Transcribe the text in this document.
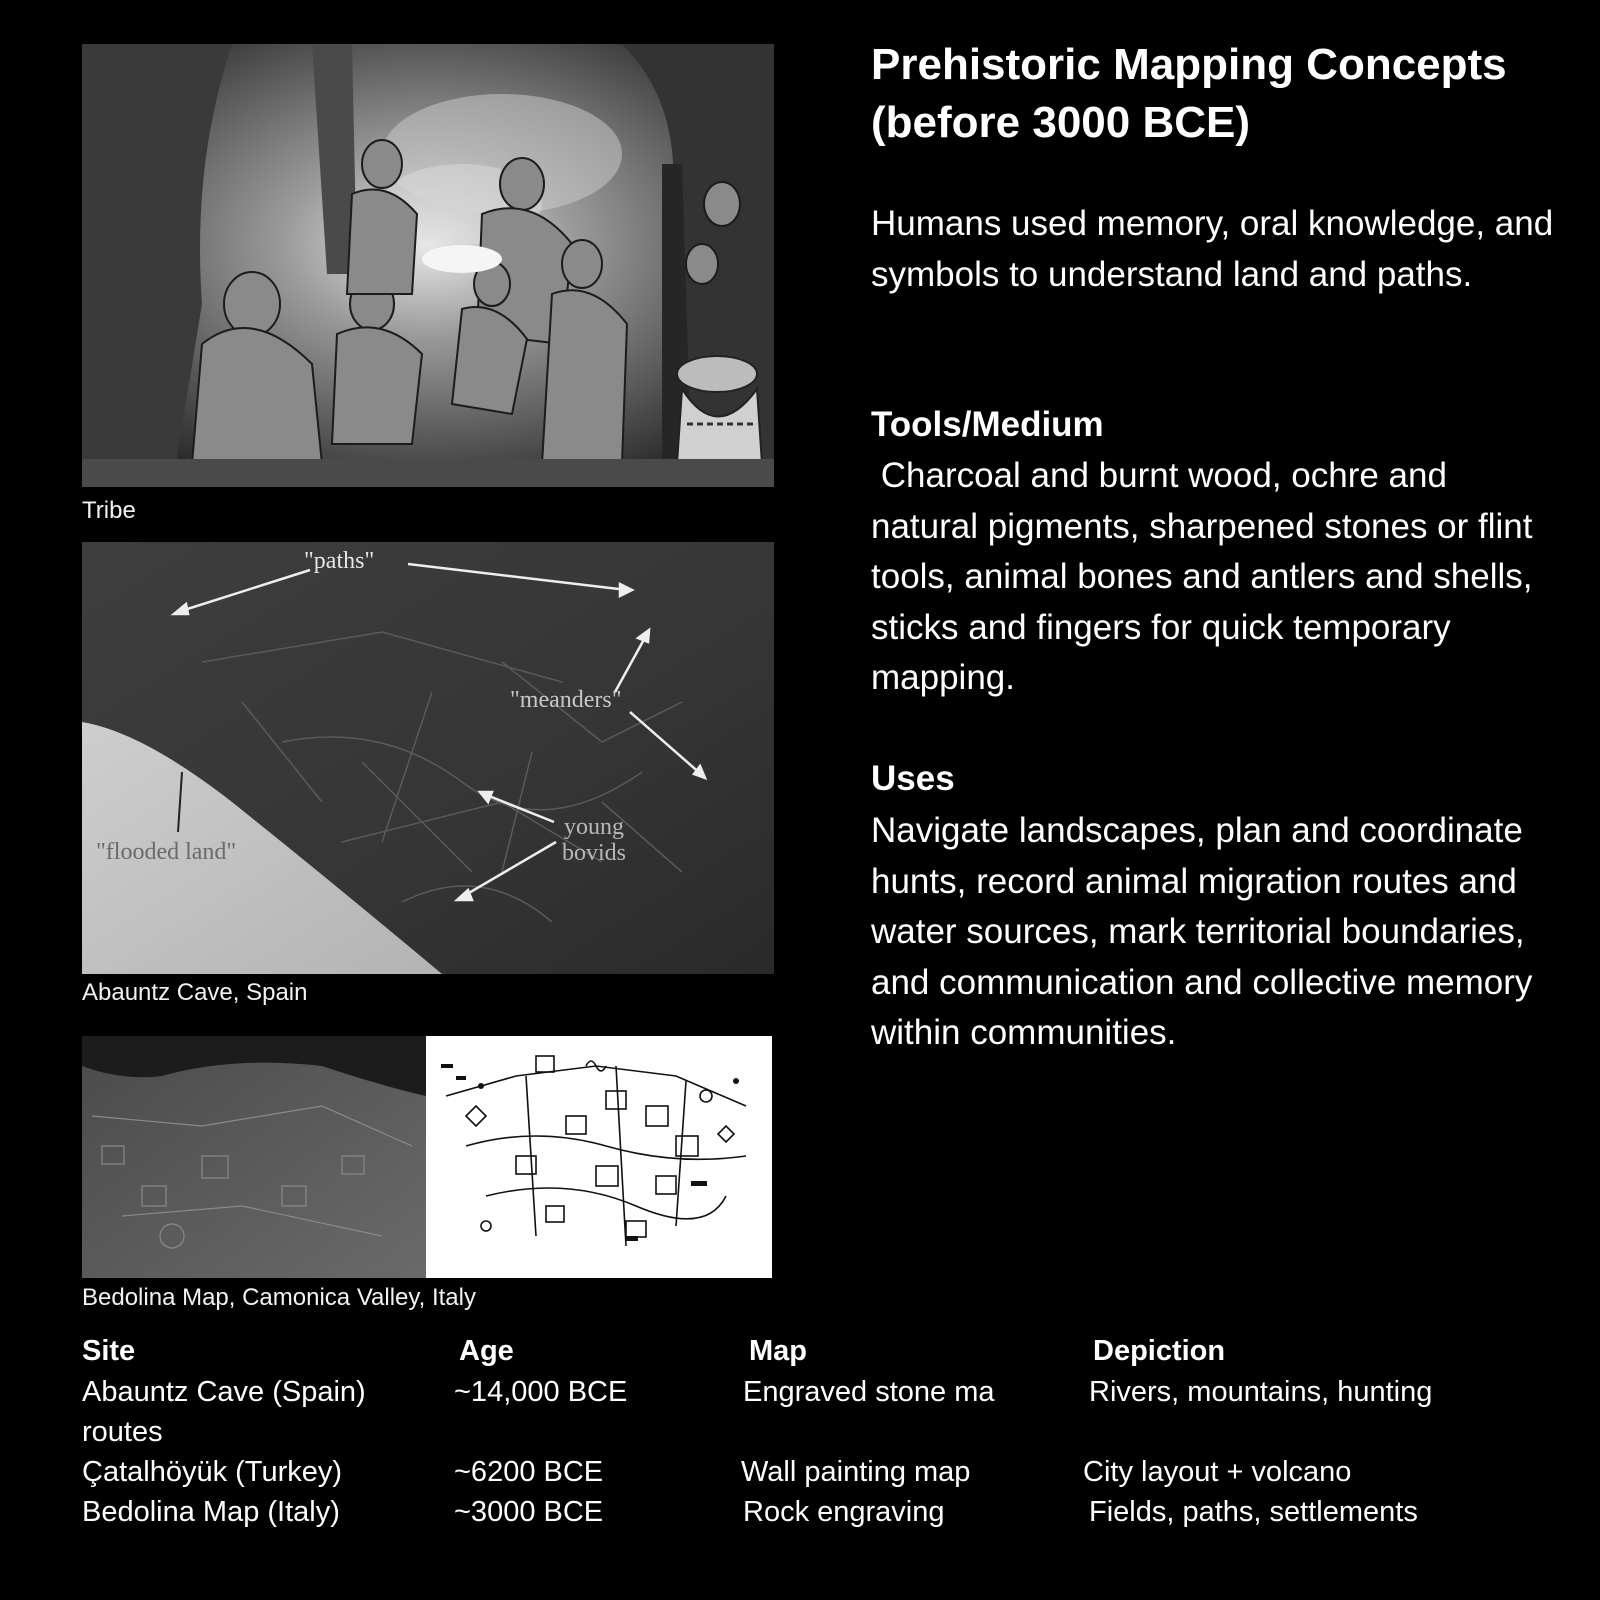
Tribe
"paths"
"meanders"
young
bovids
"flooded land"
Abauntz Cave, Spain
Bedolina Map, Camonica Valley, Italy
Prehistoric Mapping Concepts
(before 3000 BCE)

Humans used memory, oral knowledge, and symbols to understand land and paths.

Tools/Medium

Charcoal and burnt wood, ochre and natural pigments, sharpened stones or flint tools, animal bones and antlers and shells, sticks and fingers for quick temporary mapping.

Uses

Navigate landscapes, plan and coordinate hunts, record animal migration routes and water sources, mark territorial boundaries, and communication and collective memory within communities.

Site	Age	Map	Depiction
Abauntz Cave (Spain)	~14,000 BCE	Engraved stone ma	Rivers, mountains, hunting
routes
Çatalhöyük (Turkey)	~6200 BCE	Wall painting map	City layout + volcano
Bedolina Map (Italy)	~3000 BCE	Rock engraving	Fields, paths, settlements
